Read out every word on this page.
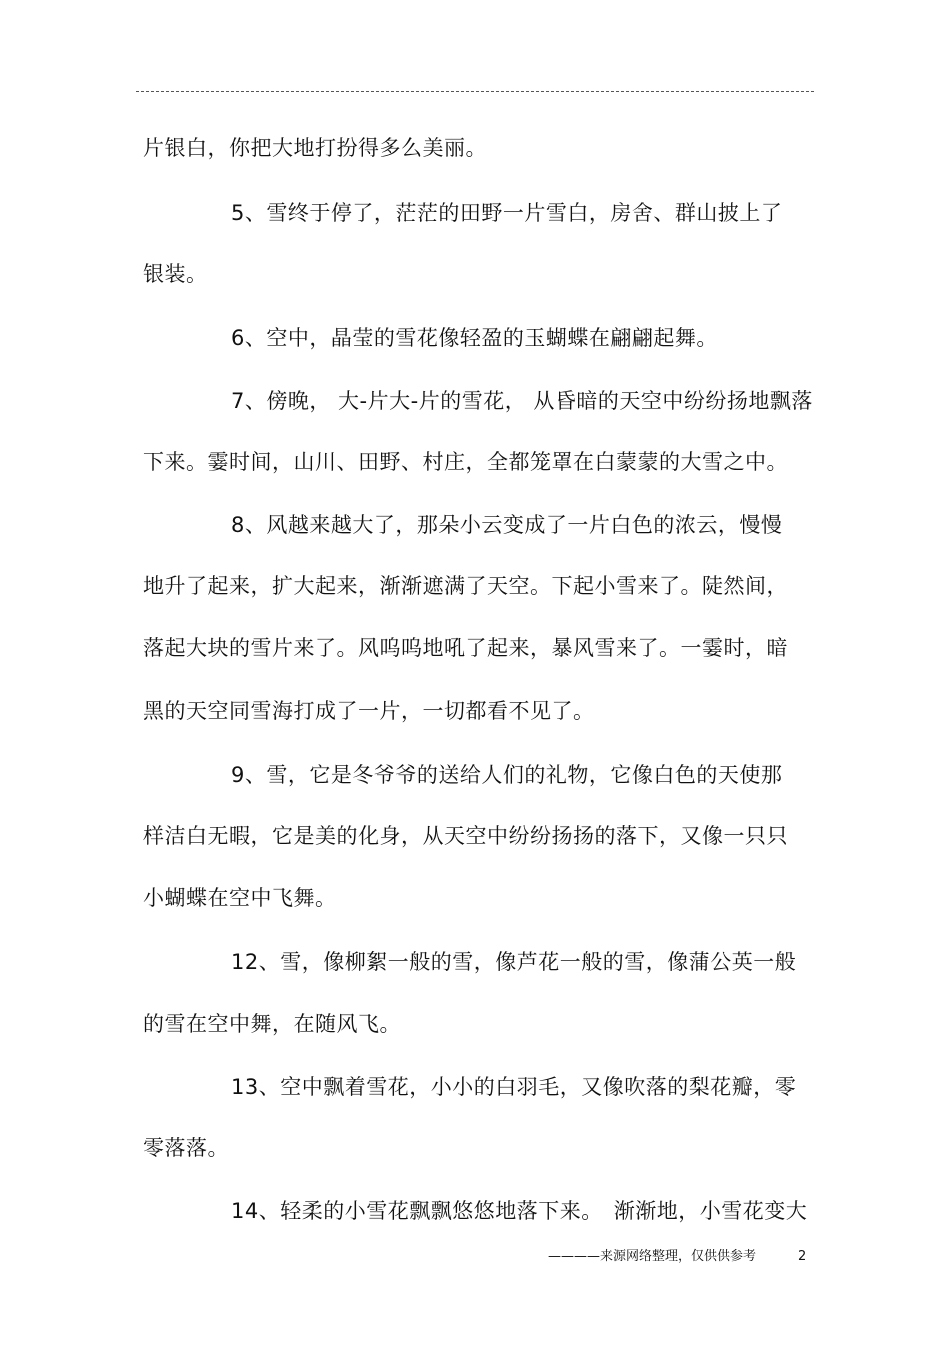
片银白，你把大地打扮得多么美丽。
5、雪终于停了，茫茫的田野一片雪白，房舍、群山披上了
银装。
6、空中，晶莹的雪花像轻盈的玉蝴蝶在翩翩起舞。
7、傍晚， 大-片大-片的雪花， 从昏暗的天空中纷纷扬地飘落
下来。霎时间，山川、田野、村庄，全都笼罩在白蒙蒙的大雪之中。
8、风越来越大了，那朵小云变成了一片白色的浓云，慢慢
地升了起来，扩大起来，渐渐遮满了天空。下起小雪来了。陡然间，
落起大块的雪片来了。风呜呜地吼了起来，暴风雪来了。一霎时，暗
黑的天空同雪海打成了一片，一切都看不见了。
9、雪，它是冬爷爷的送给人们的礼物，它像白色的天使那
样洁白无暇，它是美的化身，从天空中纷纷扬扬的落下，又像一只只
小蝴蝶在空中飞舞。
12、雪，像柳絮一般的雪，像芦花一般的雪，像蒲公英一般
的雪在空中舞，在随风飞。
13、空中飘着雪花，小小的白羽毛，又像吹落的梨花瓣，零
零落落。
14、轻柔的小雪花飘飘悠悠地落下来。　渐渐地，小雪花变大
————来源网络整理，仅供供参考	2
